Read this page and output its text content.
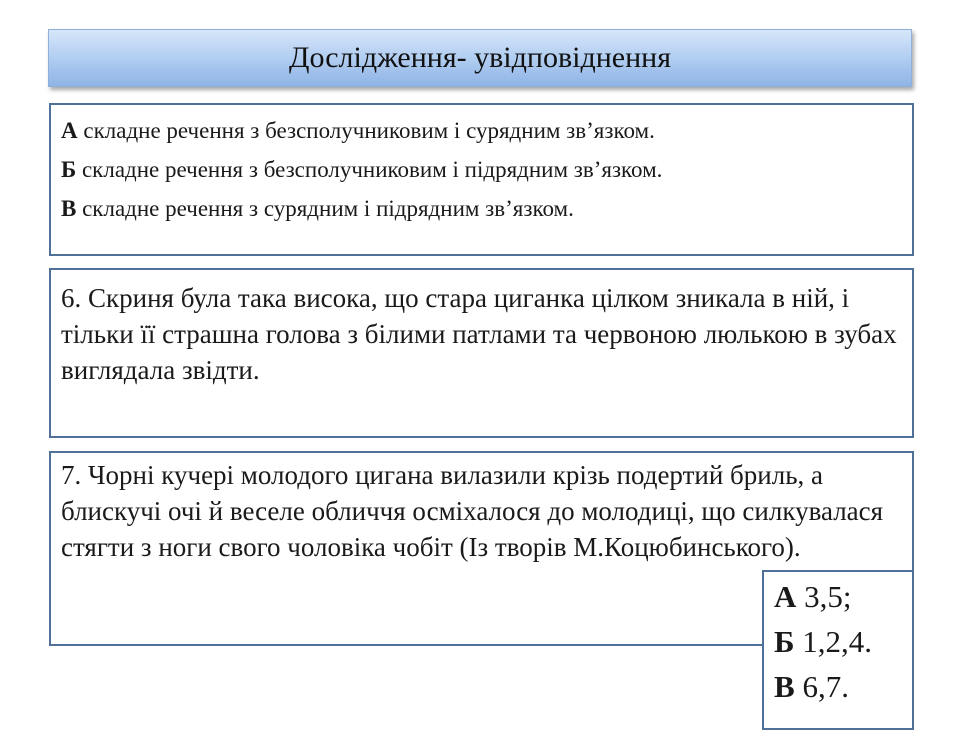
Дослідження- увідповіднення
А складне речення з безсполучниковим і сурядним зв’язком.
Б складне речення з безсполучниковим і підрядним зв’язком.
В складне речення з сурядним і підрядним зв’язком.
6. Скриня була така висока, що стара циганка цілком зникала в ній, і тільки її страшна голова з білими патлами та червоною люлькою в зубах виглядала звідти.
7. Чорні кучері молодого цигана вилазили крізь подертий бриль, а блискучі очі й веселе обличчя осміхалося до молодиці, що силкувалася стягти з ноги свого чоловіка чобіт (Із творів М.Коцюбинського).
А 3,5;
Б 1,2,4.
В 6,7.
